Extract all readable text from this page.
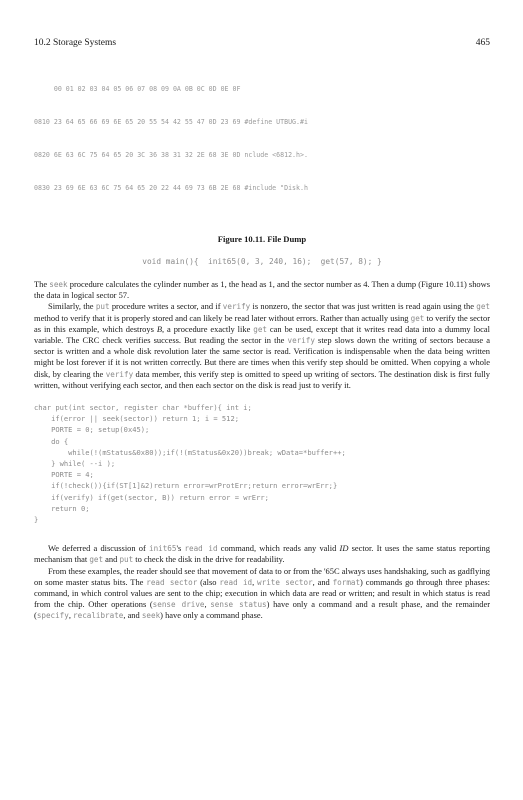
10.2 Storage Systems	465

00 01 02 03 04 05 06 07 08 09 0A 0B 0C 0D 0E 0F

0810 23 64 65 66 69 6E 65 20 55 54 42 55 47 0D 23 69 #define UTBUG.#i

0820 6E 63 6C 75 64 65 20 3C 36 38 31 32 2E 68 3E 0D nclude <6812.h>.

0830 23 69 6E 63 6C 75 64 65 20 22 44 69 73 6B 2E 68 #include "Disk.h

Figure 10.11. File Dump
void main(){  init65(0, 3, 240, 16);  get(57, 8); }

The seek procedure calculates the cylinder number as 1, the head as 1, and the sector number as 4. Then a dump (Figure 10.11) shows the data in logical sector 57.

Similarly, the put procedure writes a sector, and if verify is nonzero, the sector that was just written is read again using the get method to verify that it is properly stored and can likely be read later without errors. Rather than actually using get to verify the sector as in this example, which destroys B, a procedure exactly like get can be used, except that it writes read data into a dummy local variable. The CRC check verifies success. But reading the sector in the verify step slows down the writing of sectors because a sector is written and a whole disk revolution later the same sector is read. Verification is indispensable when the data being written might be lost forever if it is not written correctly. But there are times when this verify step should be omitted. When copying a whole disk, by clearing the verify data member, this verify step is omitted to speed up writing of sectors. The destination disk is first fully written, without verifying each sector, and then each sector on the disk is read just to verify it.

char put(int sector, register char *buffer){ int i;
if(error || seek(sector)) return 1; i = 512;
PORTE = 0; setup(0x45);
do {
while(!(mStatus&0x80));if(!(mStatus&0x20))break; wData=*buffer++;
} while( --i );
PORTE = 4;
if(!check()){if(ST[1]&2)return error=wrProtErr;return error=wrErr;}
if(verify) if(get(sector, B)) return error = wrErr;
return 0;
}

We deferred a discussion of init65's read id command, which reads any valid ID sector. It uses the same status reporting mechanism that get and put to check the disk in the drive for readability.

From these examples, the reader should see that movement of data to or from the '65C always uses handshaking, such as gadflying on some master status bits. The read sector (also read id, write sector, and format) commands go through three phases: command, in which control values are sent to the chip; execution in which data are read or written; and result in which status is read from the chip. Other operations (sense drive, sense status) have only a command and a result phase, and the remainder (specify, recalibrate, and seek) have only a command phase.
